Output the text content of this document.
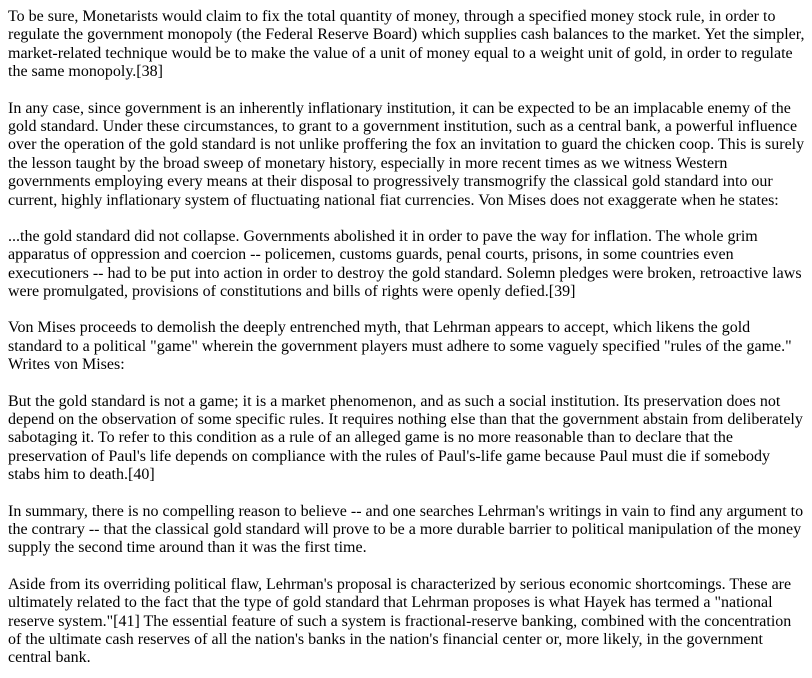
To be sure, Monetarists would claim to fix the total quantity of money, through a specified money stock rule, in order to regulate the government monopoly (the Federal Reserve Board) which supplies cash balances to the market. Yet the simpler, market-related technique would be to make the value of a unit of money equal to a weight unit of gold, in order to regulate the same monopoly.[38]

In any case, since government is an inherently inflationary institution, it can be expected to be an implacable enemy of the gold standard. Under these circumstances, to grant to a government institution, such as a central bank, a powerful influence over the operation of the gold standard is not unlike proffering the fox an invitation to guard the chicken coop. This is surely the lesson taught by the broad sweep of monetary history, especially in more recent times as we witness Western governments employing every means at their disposal to progressively transmogrify the classical gold standard into our current, highly inflationary system of fluctuating national fiat currencies. Von Mises does not exaggerate when he states:

...the gold standard did not collapse. Governments abolished it in order to pave the way for inflation. The whole grim apparatus of oppression and coercion -- policemen, customs guards, penal courts, prisons, in some countries even executioners -- had to be put into action in order to destroy the gold standard. Solemn pledges were broken, retroactive laws were promulgated, provisions of constitutions and bills of rights were openly defied.[39]

Von Mises proceeds to demolish the deeply entrenched myth, that Lehrman appears to accept, which likens the gold standard to a political "game" wherein the government players must adhere to some vaguely specified "rules of the game." Writes von Mises:

But the gold standard is not a game; it is a market phenomenon, and as such a social institution. Its preservation does not depend on the observation of some specific rules. It requires nothing else than that the government abstain from deliberately sabotaging it. To refer to this condition as a rule of an alleged game is no more reasonable than to declare that the preservation of Paul's life depends on compliance with the rules of Paul's-life game because Paul must die if somebody stabs him to death.[40]

In summary, there is no compelling reason to believe -- and one searches Lehrman's writings in vain to find any argument to the contrary -- that the classical gold standard will prove to be a more durable barrier to political manipulation of the money supply the second time around than it was the first time.

Aside from its overriding political flaw, Lehrman's proposal is characterized by serious economic shortcomings. These are ultimately related to the fact that the type of gold standard that Lehrman proposes is what Hayek has termed a "national reserve system."[41] The essential feature of such a system is fractional-reserve banking, combined with the concentration of the ultimate cash reserves of all the nation's banks in the nation's financial center or, more likely, in the government central bank.
